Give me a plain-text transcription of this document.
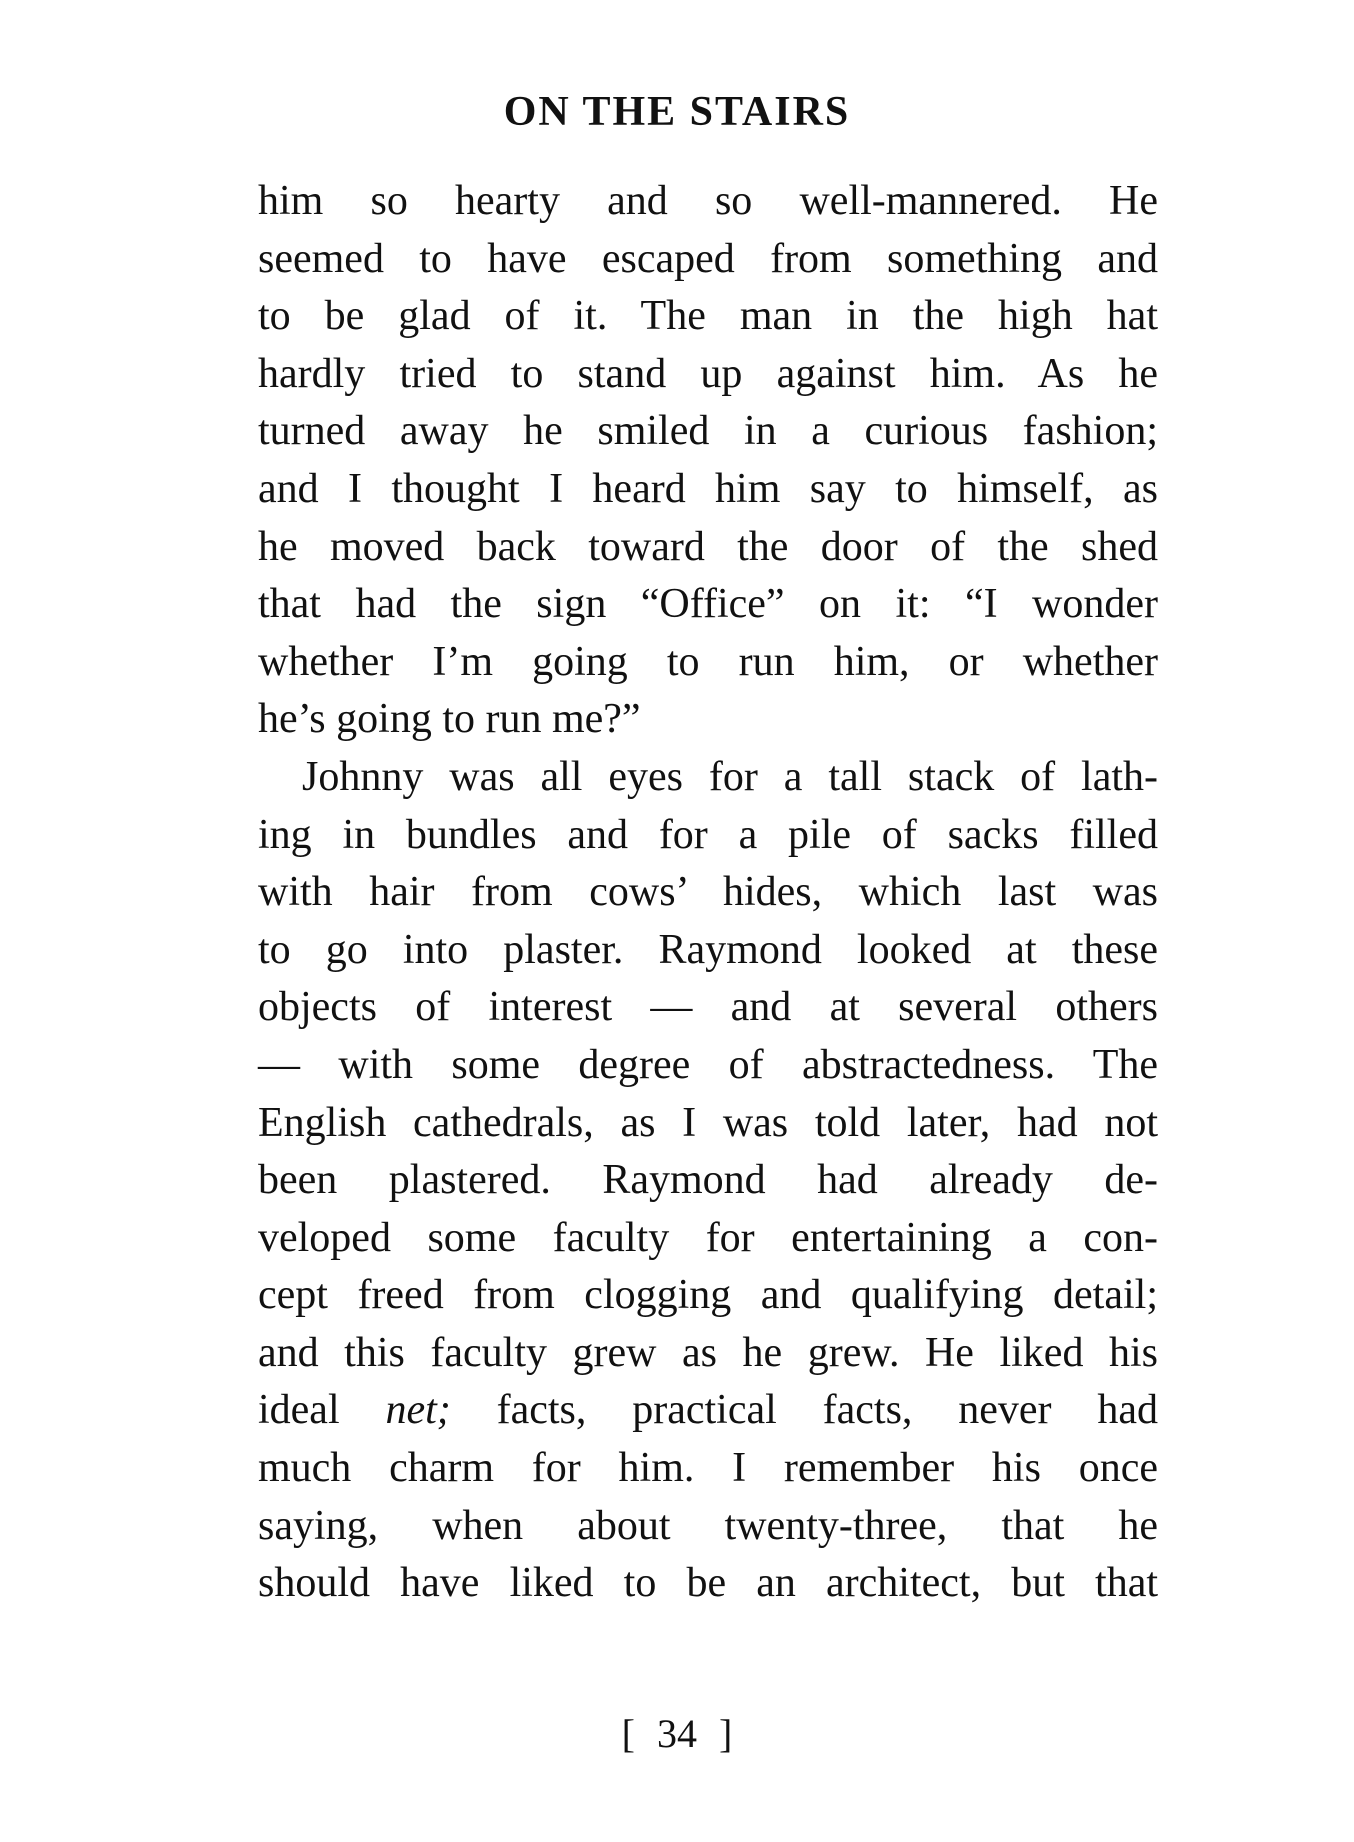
ON THE STAIRS
him so hearty and so well-mannered. He
seemed to have escaped from something and
to be glad of it. The man in the high hat
hardly tried to stand up against him. As he
turned away he smiled in a curious fashion;
and I thought I heard him say to himself, as
he moved back toward the door of the shed
that had the sign “Office” on it: “I wonder
whether I’m going to run him, or whether
he’s going to run me?”
Johnny was all eyes for a tall stack of lath-
ing in bundles and for a pile of sacks filled
with hair from cows’ hides, which last was
to go into plaster. Raymond looked at these
objects of interest — and at several others
— with some degree of abstractedness. The
English cathedrals, as I was told later, had not
been plastered. Raymond had already de-
veloped some faculty for entertaining a con-
cept freed from clogging and qualifying detail;
and this faculty grew as he grew. He liked his
ideal net; facts, practical facts, never had
much charm for him. I remember his once
saying, when about twenty-three, that he
should have liked to be an architect, but that
[ 34 ]
